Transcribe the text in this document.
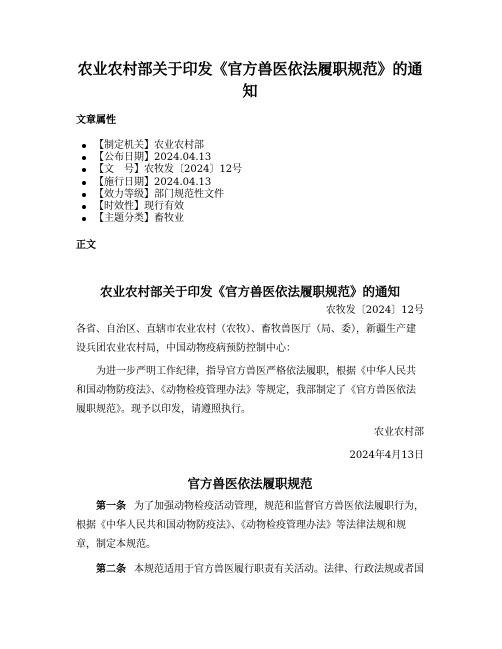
农业农村部关于印发《官方兽医依法履职规范》的通知
文章属性
【制定机关】农业农村部
【公布日期】2024.04.13
【文　号】农牧发〔2024〕12号
【施行日期】2024.04.13
【效力等级】部门规范性文件
【时效性】现行有效
【主题分类】畜牧业
正文
农业农村部关于印发《官方兽医依法履职规范》的通知

农牧发〔2024〕12号

各省、自治区、直辖市农业农村（农牧）、畜牧兽医厅（局、委），新疆生产建设兵团农业农村局，中国动物疫病预防控制中心：

为进一步严明工作纪律，指导官方兽医严格依法履职，根据《中华人民共和国动物防疫法》、《动物检疫管理办法》等规定，我部制定了《官方兽医依法履职规范》。现予以印发，请遵照执行。

农业农村部

2024年4月13日

官方兽医依法履职规范

第一条 为了加强动物检疫活动管理，规范和监督官方兽医依法履职行为，根据《中华人民共和国动物防疫法》、《动物检疫管理办法》等法律法规和规章，制定本规范。

第二条 本规范适用于官方兽医履行职责有关活动。法律、行政法规或者国
